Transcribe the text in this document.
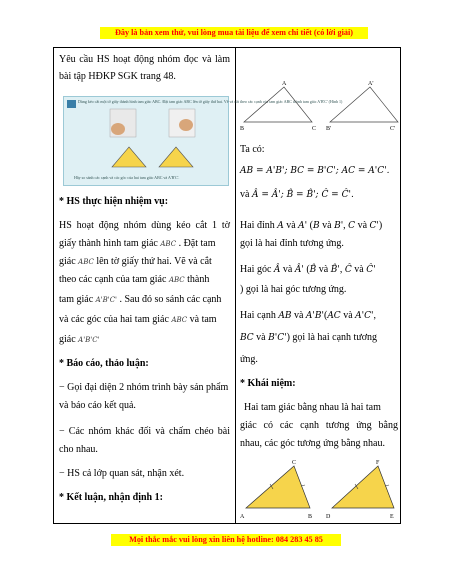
Đây là bản xem thử, vui lòng mua tài liệu để xem chi tiết (có lời giải)
Yêu cầu HS hoạt động nhóm đọc và làm
bài tập HĐKP SGK trang 48.
Dùng kéo cắt một tờ giấy thành hình tam giác ABC. Đặt tam giác ABC lên tờ giấy thứ hai. Vẽ và cắt theo các cạnh của tam giác ABC thành tam giác A'B'C' (Hình 1)
Hãy so sánh các cạnh và các góc của hai tam giác ABC và A'B'C'.
* HS thực hiện nhiệm vụ:
HS hoạt động nhóm dùng kéo cắt 1 tờ
giấy thành hình tam giác ABC . Đặt tam
giác ABC lên tờ giấy thứ hai. Vẽ và cắt
theo các cạnh của tam giác ABC thành
tam giác A'B'C' . Sau đó so sánh các cạnh
và các góc của hai tam giác ABC và tam
giác A'B'C'
* Báo cáo, thảo luận:
− Gọi đại diện 2 nhóm trình bày sản phẩm
và báo cáo kết quả.
− Các nhóm khác đối và chấm chéo bài
cho nhau.
− HS cả lớp quan sát, nhận xét.
* Kết luận, nhận định 1:
A
B	C
A'
B'	C'
Ta có:
AB = A'B'; BC = B'C'; AC = A'C'.
và Â = Â'; B̂ = B̂'; Ĉ = Ĉ'.
Hai đỉnh A và A' (B và B', C và C')
gọi là hai đỉnh tương ứng.
Hai góc Â và Â' (B̂ và B̂', Ĉ và Ĉ'
) gọi là hai góc tương ứng.
Hai cạnh AB và A'B'(AC và A'C',
BC và B'C') gọi là hai cạnh tương
ứng.
* Khái niệm:
Hai tam giác bằng nhau là hai tam
giác có các cạnh tương ứng bằng
nhau, các góc tương ứng bằng nhau.
A
C
B D
F
E
Mọi thắc mắc vui lòng xin liên hệ hotline: 084 283 45 85
